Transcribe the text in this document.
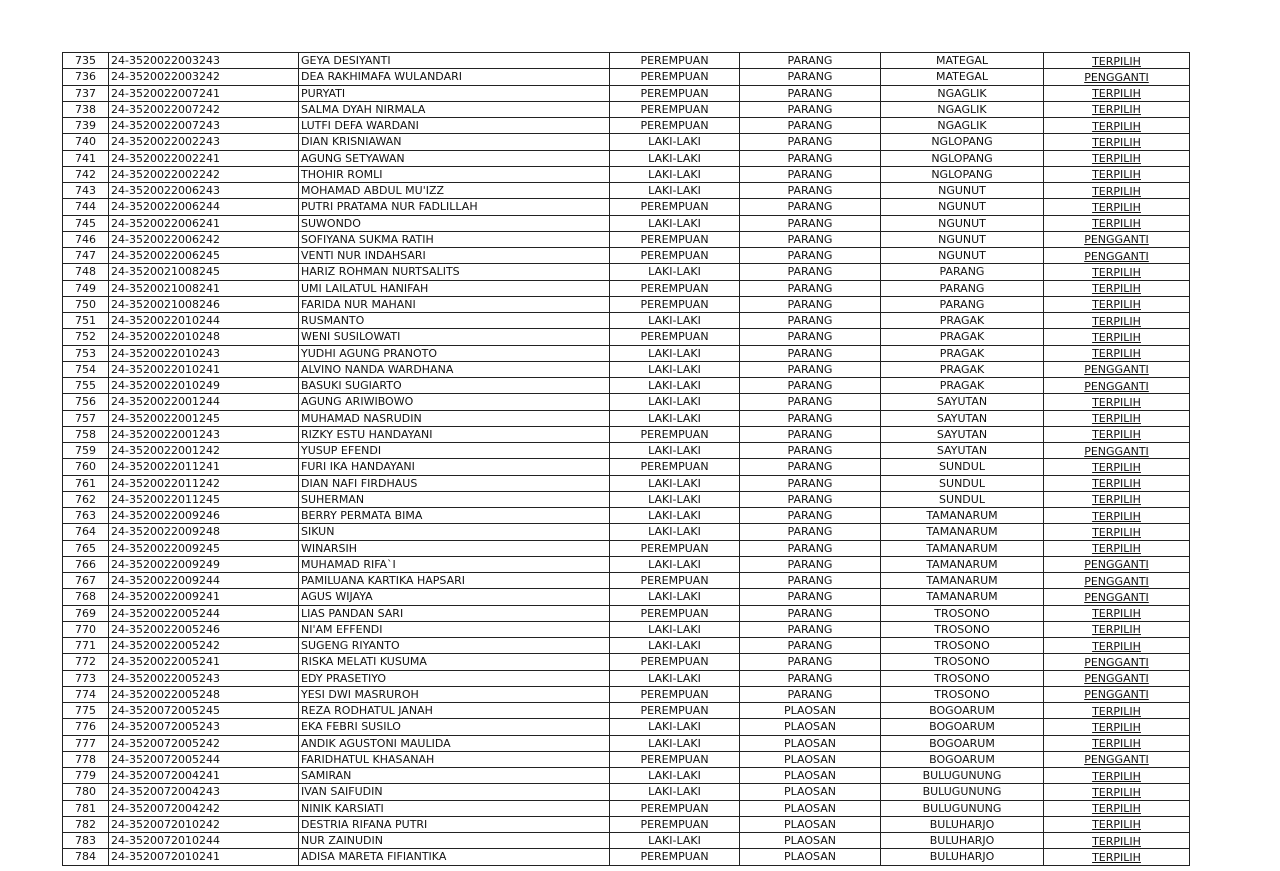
735	24-3520022003243	GEYA DESIYANTI	PEREMPUAN	PARANG	MATEGAL	TERPILIH
736	24-3520022003242	DEA RAKHIMAFA WULANDARI	PEREMPUAN	PARANG	MATEGAL	PENGGANTI
737	24-3520022007241	PURYATI	PEREMPUAN	PARANG	NGAGLIK	TERPILIH
738	24-3520022007242	SALMA DYAH NIRMALA	PEREMPUAN	PARANG	NGAGLIK	TERPILIH
739	24-3520022007243	LUTFI DEFA WARDANI	PEREMPUAN	PARANG	NGAGLIK	TERPILIH
740	24-3520022002243	DIAN KRISNIAWAN	LAKI-LAKI	PARANG	NGLOPANG	TERPILIH
741	24-3520022002241	AGUNG SETYAWAN	LAKI-LAKI	PARANG	NGLOPANG	TERPILIH
742	24-3520022002242	THOHIR ROMLI	LAKI-LAKI	PARANG	NGLOPANG	TERPILIH
743	24-3520022006243	MOHAMAD ABDUL MU'IZZ	LAKI-LAKI	PARANG	NGUNUT	TERPILIH
744	24-3520022006244	PUTRI PRATAMA NUR FADLILLAH	PEREMPUAN	PARANG	NGUNUT	TERPILIH
745	24-3520022006241	SUWONDO	LAKI-LAKI	PARANG	NGUNUT	TERPILIH
746	24-3520022006242	SOFIYANA SUKMA RATIH	PEREMPUAN	PARANG	NGUNUT	PENGGANTI
747	24-3520022006245	VENTI NUR INDAHSARI	PEREMPUAN	PARANG	NGUNUT	PENGGANTI
748	24-3520021008245	HARIZ ROHMAN NURTSALITS	LAKI-LAKI	PARANG	PARANG	TERPILIH
749	24-3520021008241	UMI LAILATUL HANIFAH	PEREMPUAN	PARANG	PARANG	TERPILIH
750	24-3520021008246	FARIDA NUR MAHANI	PEREMPUAN	PARANG	PARANG	TERPILIH
751	24-3520022010244	RUSMANTO	LAKI-LAKI	PARANG	PRAGAK	TERPILIH
752	24-3520022010248	WENI SUSILOWATI	PEREMPUAN	PARANG	PRAGAK	TERPILIH
753	24-3520022010243	YUDHI AGUNG PRANOTO	LAKI-LAKI	PARANG	PRAGAK	TERPILIH
754	24-3520022010241	ALVINO NANDA WARDHANA	LAKI-LAKI	PARANG	PRAGAK	PENGGANTI
755	24-3520022010249	BASUKI SUGIARTO	LAKI-LAKI	PARANG	PRAGAK	PENGGANTI
756	24-3520022001244	AGUNG ARIWIBOWO	LAKI-LAKI	PARANG	SAYUTAN	TERPILIH
757	24-3520022001245	MUHAMAD NASRUDIN	LAKI-LAKI	PARANG	SAYUTAN	TERPILIH
758	24-3520022001243	RIZKY ESTU HANDAYANI	PEREMPUAN	PARANG	SAYUTAN	TERPILIH
759	24-3520022001242	YUSUP EFENDI	LAKI-LAKI	PARANG	SAYUTAN	PENGGANTI
760	24-3520022011241	FURI IKA HANDAYANI	PEREMPUAN	PARANG	SUNDUL	TERPILIH
761	24-3520022011242	DIAN NAFI FIRDHAUS	LAKI-LAKI	PARANG	SUNDUL	TERPILIH
762	24-3520022011245	SUHERMAN	LAKI-LAKI	PARANG	SUNDUL	TERPILIH
763	24-3520022009246	BERRY PERMATA BIMA	LAKI-LAKI	PARANG	TAMANARUM	TERPILIH
764	24-3520022009248	SIKUN	LAKI-LAKI	PARANG	TAMANARUM	TERPILIH
765	24-3520022009245	WINARSIH	PEREMPUAN	PARANG	TAMANARUM	TERPILIH
766	24-3520022009249	MUHAMAD RIFA`I	LAKI-LAKI	PARANG	TAMANARUM	PENGGANTI
767	24-3520022009244	PAMILUANA KARTIKA HAPSARI	PEREMPUAN	PARANG	TAMANARUM	PENGGANTI
768	24-3520022009241	AGUS WIJAYA	LAKI-LAKI	PARANG	TAMANARUM	PENGGANTI
769	24-3520022005244	LIAS PANDAN SARI	PEREMPUAN	PARANG	TROSONO	TERPILIH
770	24-3520022005246	NI'AM EFFENDI	LAKI-LAKI	PARANG	TROSONO	TERPILIH
771	24-3520022005242	SUGENG RIYANTO	LAKI-LAKI	PARANG	TROSONO	TERPILIH
772	24-3520022005241	RISKA MELATI KUSUMA	PEREMPUAN	PARANG	TROSONO	PENGGANTI
773	24-3520022005243	EDY PRASETIYO	LAKI-LAKI	PARANG	TROSONO	PENGGANTI
774	24-3520022005248	YESI DWI MASRUROH	PEREMPUAN	PARANG	TROSONO	PENGGANTI
775	24-3520072005245	REZA RODHATUL JANAH	PEREMPUAN	PLAOSAN	BOGOARUM	TERPILIH
776	24-3520072005243	EKA FEBRI SUSILO	LAKI-LAKI	PLAOSAN	BOGOARUM	TERPILIH
777	24-3520072005242	ANDIK AGUSTONI MAULIDA	LAKI-LAKI	PLAOSAN	BOGOARUM	TERPILIH
778	24-3520072005244	FARIDHATUL KHASANAH	PEREMPUAN	PLAOSAN	BOGOARUM	PENGGANTI
779	24-3520072004241	SAMIRAN	LAKI-LAKI	PLAOSAN	BULUGUNUNG	TERPILIH
780	24-3520072004243	IVAN SAIFUDIN	LAKI-LAKI	PLAOSAN	BULUGUNUNG	TERPILIH
781	24-3520072004242	NINIK KARSIATI	PEREMPUAN	PLAOSAN	BULUGUNUNG	TERPILIH
782	24-3520072010242	DESTRIA RIFANA PUTRI	PEREMPUAN	PLAOSAN	BULUHARJO	TERPILIH
783	24-3520072010244	NUR ZAINUDIN	LAKI-LAKI	PLAOSAN	BULUHARJO	TERPILIH
784	24-3520072010241	ADISA MARETA FIFIANTIKA	PEREMPUAN	PLAOSAN	BULUHARJO	TERPILIH
